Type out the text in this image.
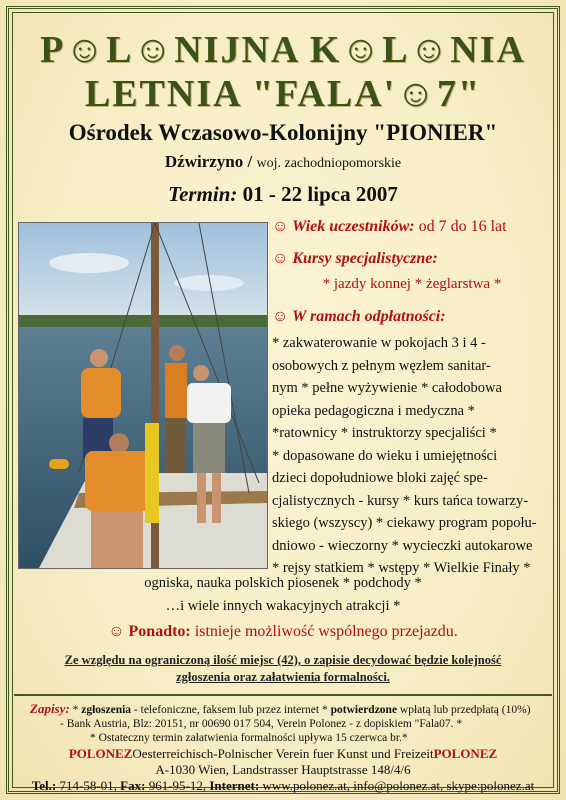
P☺L☺NIJNA K☺L☺NIA
LETNIA "FALA'☺7"
Ośrodek Wczasowo-Kolonijny "PIONIER"
Dźwirzyno / woj. zachodniopomorskie
Termin: 01 - 22 lipca 2007
☺ Wiek uczestników: od 7 do 16 lat
☺ Kursy specjalistyczne:
* jazdy konnej * żeglarstwa *
☺ W ramach odpłatności:
* zakwaterowanie w pokojach 3 i 4 -
osobowych z pełnym węzłem sanitar-
nym * pełne wyżywienie * całodobowa
opieka pedagogiczna i medyczna *
*ratownicy * instruktorzy specjaliści *
* dopasowane do wieku i umiejętności
dzieci dopołudniowe bloki zajęć spe-
cjalistycznych - kursy * kurs tańca towarzy-
skiego (wszyscy) * ciekawy program popołu-
dniowo - wieczorny * wycieczki autokarowe
* rejsy statkiem * wstępy * Wielkie Finały *
ogniska, nauka polskich piosenek * podchody *
…i wiele innych wakacyjnych atrakcji *
☺ Ponadto: istnieje możliwość wspólnego przejazdu.
Ze względu na ograniczoną ilość miejsc (42), o zapisie decydować będzie kolejność
zgłoszenia oraz załatwienia formalności.
Zapisy: * zgłoszenia - telefoniczne, faksem lub przez internet * potwierdzone wpłatą lub przedpłatą (10%)
- Bank Austria, Blz: 20151, nr 00690 017 504, Verein Polonez - z dopiskiem "Fala07. *
* Ostateczny termin załatwienia formalności upływa 15 czerwca br.*
POLONEZOesterreichisch-Polnischer Verein fuer Kunst und FreizeitPOLONEZ
A-1030 Wien, Landstrasser Hauptstrasse 148/4/6
Tel.: 714-58-01, Fax: 961-95-12, Internet: www.polonez.at, info@polonez.at, skype:polonez.at
